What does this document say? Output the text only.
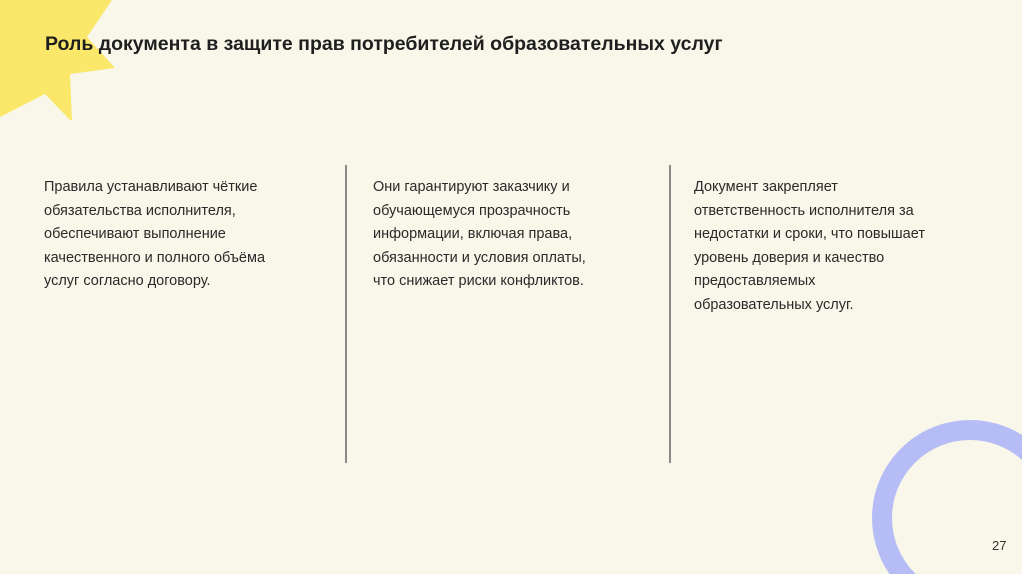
Роль документа в защите прав потребителей образовательных услуг

Правила устанавливают чёткие
обязательства исполнителя,
обеспечивают выполнение
качественного и полного объёма
услуг согласно договору.

Они гарантируют заказчику и
обучающемуся прозрачность
информации, включая права,
обязанности и условия оплаты,
что снижает риски конфликтов.

Документ закрепляет
ответственность исполнителя за
недостатки и сроки, что повышает
уровень доверия и качество
предоставляемых
образовательных услуг.

27
